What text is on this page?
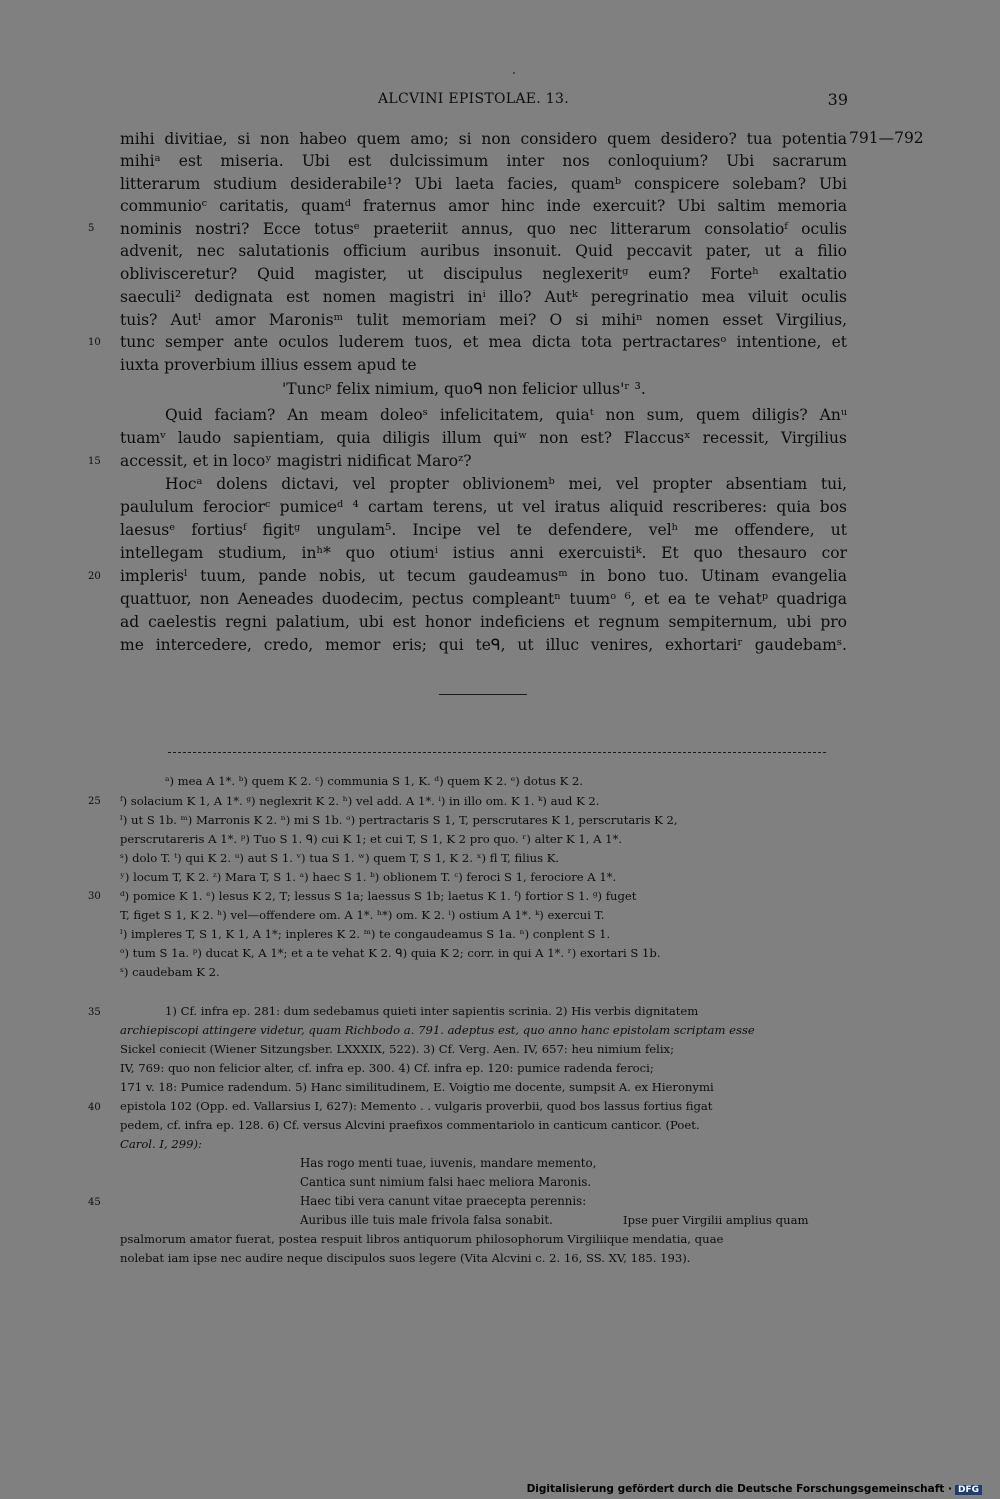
ALCVINI EPISTOLAE. 13.	39
791—792
mihi divitiae, si non habeo quem amo; si non considero quem desidero? tua potentia
mihiᵃ est miseria. Ubi est dulcissimum inter nos conloquium? Ubi sacrarum
litterarum studium desiderabile¹? Ubi laeta facies, quamᵇ conspicere solebam? Ubi
communioᶜ caritatis, quamᵈ fraternus amor hinc inde exercuit? Ubi saltim memoria
nominis nostri? Ecce totusᵉ praeteriit annus, quo nec litterarum consolatioᶠ oculis
advenit, nec salutationis officium auribus insonuit. Quid peccavit pater, ut a filio
oblivisceretur? Quid magister, ut discipulus neglexeritᵍ eum? Forteʰ exaltatio
saeculi² dedignata est nomen magistri inⁱ illo? Autᵏ peregrinatio mea viluit oculis
tuis? Autˡ amor Maronisᵐ tulit memoriam mei? O si mihiⁿ nomen esset Virgilius,
tunc semper ante oculos luderem tuos, et mea dicta tota pertractaresᵒ intentione, et
iuxta proverbium illius essem apud te
'Tuncᵖ felix nimium, quoᑫ non felicior ullus'ʳ ³.
Quid faciam? An meam doleoˢ infelicitatem, quiaᵗ non sum, quem diligis? Anᵘ
tuamᵛ laudo sapientiam, quia diligis illum quiʷ non est? Flaccusˣ recessit, Virgilius
accessit, et in locoʸ magistri nidificat Maroᶻ?
Hocᵃ dolens dictavi, vel propter oblivionemᵇ mei, vel propter absentiam tui,
paululum ferociorᶜ pumiceᵈ ⁴ cartam terens, ut vel iratus aliquid rescriberes: quia bos
laesusᵉ fortiusᶠ figitᵍ ungulam⁵. Incipe vel te defendere, velʰ me offendere, ut
intellegam studium, inʰ* quo otiumⁱ istius anni exercuistiᵏ. Et quo thesauro cor
implerisˡ tuum, pande nobis, ut tecum gaudeamusᵐ in bono tuo. Utinam evangelia
quattuor, non Aeneades duodecim, pectus compleantⁿ tuumᵒ ⁶, et ea te vehatᵖ quadriga
ad caelestis regni palatium, ubi est honor indeficiens et regnum sempiternum, ubi pro
me intercedere, credo, memor eris; qui teᑫ, ut illuc venires, exhortariʳ gaudebamˢ.
5
10
15
20
25
30
35
40
45
ᵃ) mea A 1*. ᵇ) quem K 2. ᶜ) communia S 1, K. ᵈ) quem K 2. ᵉ) dotus K 2.
ᶠ) solacium K 1, A 1*. ᵍ) neglexrit K 2. ʰ) vel add. A 1*. ⁱ) in illo om. K 1. ᵏ) aud K 2.
ˡ) ut S 1b. ᵐ) Marronis K 2. ⁿ) mi S 1b. ᵒ) pertractaris S 1, T, perscrutares K 1, perscrutaris K 2,
perscrutareris A 1*. ᵖ) Tuo S 1. ᑫ) cui K 1; et cui T, S 1, K 2 pro quo. ʳ) alter K 1, A 1*.
ˢ) dolo T. ᵗ) qui K 2. ᵘ) aut S 1. ᵛ) tua S 1. ʷ) quem T, S 1, K 2. ˣ) fl T, filius K.
ʸ) locum T, K 2. ᶻ) Mara T, S 1. ᵃ) haec S 1. ᵇ) oblionem T. ᶜ) feroci S 1, ferociore A 1*.
ᵈ) pomice K 1. ᵉ) lesus K 2, T; lessus S 1a; laessus S 1b; laetus K 1. ᶠ) fortior S 1. ᵍ) fuget
T, figet S 1, K 2. ʰ) vel—offendere om. A 1*. ʰ*) om. K 2. ⁱ) ostium A 1*. ᵏ) exercui T.
ˡ) impleres T, S 1, K 1, A 1*; inpleres K 2. ᵐ) te congaudeamus S 1a. ⁿ) conplent S 1.
ᵒ) tum S 1a. ᵖ) ducat K, A 1*; et a te vehat K 2. ᑫ) quia K 2; corr. in qui A 1*. ʳ) exortari S 1b.
ˢ) caudebam K 2.
1) Cf. infra ep. 281: dum sedebamus quieti inter sapientis scrinia. 2) His verbis dignitatem
archiepiscopi attingere videtur, quam Richbodo a. 791. adeptus est, quo anno hanc epistolam scriptam esse
Sickel coniecit (Wiener Sitzungsber. LXXXIX, 522). 3) Cf. Verg. Aen. IV, 657: heu nimium felix;
IV, 769: quo non felicior alter, cf. infra ep. 300. 4) Cf. infra ep. 120: pumice radenda feroci;
171 v. 18: Pumice radendum. 5) Hanc similitudinem, E. Voigtio me docente, sumpsit A. ex Hieronymi
epistola 102 (Opp. ed. Vallarsius I, 627): Memento . . vulgaris proverbii, quod bos lassus fortius figat
pedem, cf. infra ep. 128. 6) Cf. versus Alcvini praefixos commentariolo in canticum canticor. (Poet.
Carol. I, 299):
Has rogo menti tuae, iuvenis, mandare memento,
Cantica sunt nimium falsi haec meliora Maronis.
Haec tibi vera canunt vitae praecepta perennis:
Auribus ille tuis male frivola falsa sonabit.	Ipse puer Virgilii amplius quam
psalmorum amator fuerat, postea respuit libros antiquorum philosophorum Virgiliique mendatia, quae
nolebat iam ipse nec audire neque discipulos suos legere (Vita Alcvini c. 2. 16, SS. XV, 185. 193).
Digitalisierung gefördert durch die Deutsche Forschungsgemeinschaft · DFG
